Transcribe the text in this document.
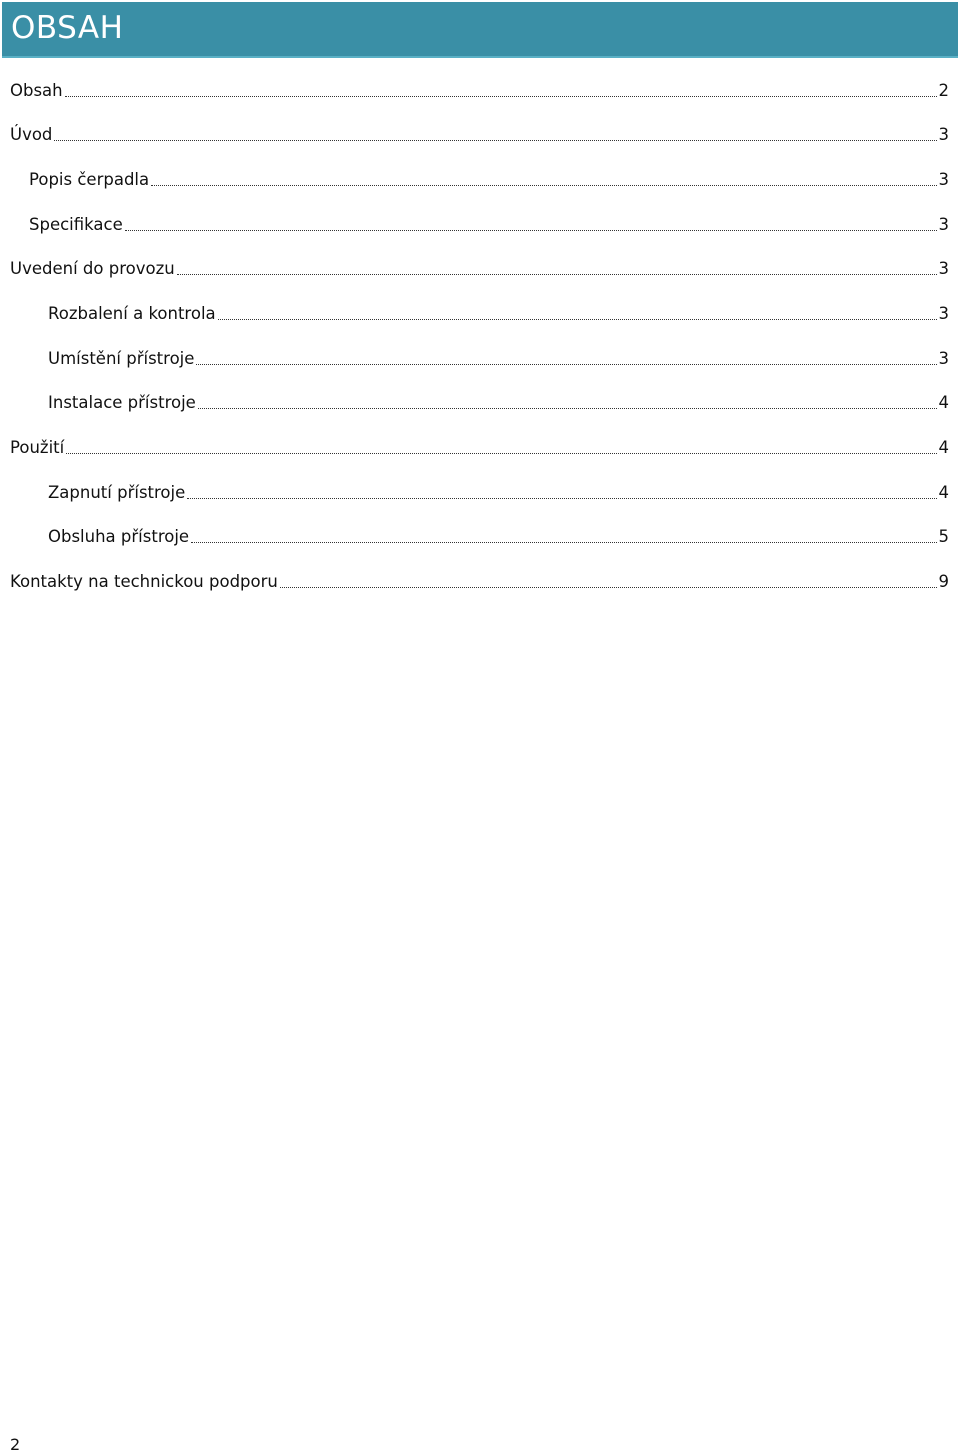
OBSAH
Obsah	2
Úvod	3
Popis čerpadla	3
Specifikace	3
Uvedení do provozu	3
Rozbalení a kontrola	3
Umístění přístroje	3
Instalace přístroje	4
Použití	4
Zapnutí přístroje	4
Obsluha přístroje	5
Kontakty na technickou podporu	9
2
